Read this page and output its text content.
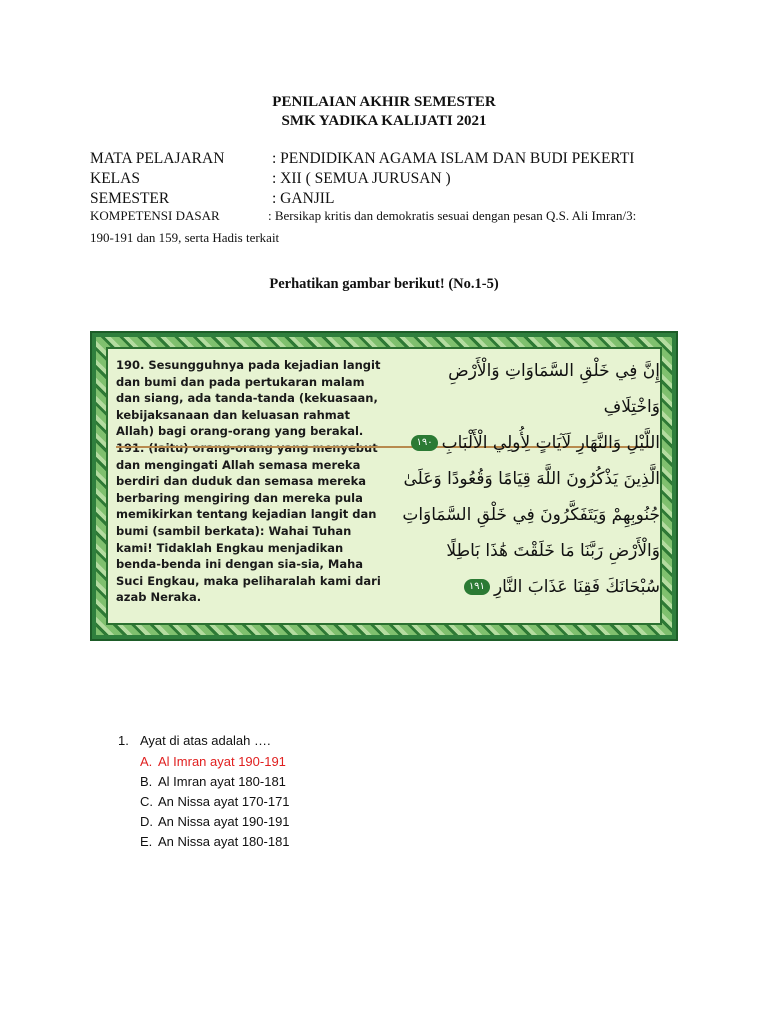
PENILAIAN AKHIR SEMESTER
SMK YADIKA KALIJATI 2021
MATA PELAJARAN	: PENDIDIKAN AGAMA ISLAM DAN BUDI PEKERTI
KELAS	: XII ( SEMUA JURUSAN )
SEMESTER	: GANJIL
KOMPETENSI DASAR	: Bersikap kritis dan demokratis sesuai dengan pesan Q.S. Ali Imran/3:
190-191 dan 159, serta Hadis terkait
Perhatikan gambar berikut! (No.1-5)

190. Sesungguhnya pada kejadian langit dan bumi dan pada pertukaran malam dan siang, ada tanda-tanda (kekuasaan, kebijaksanaan dan keluasan rahmat Allah) bagi orang-orang yang berakal.

dan mengingati Allah semasa mereka berdiri dan duduk dan semasa mereka berbaring mengiring dan mereka pula memikirkan tentang kejadian langit dan bumi (sambil berkata): Wahai Tuhan kami! Tidaklah Engkau menjadikan benda-benda ini dengan sia-sia, Maha Suci Engkau, maka peliharalah kami dari azab Neraka.

إِنَّ فِي خَلْقِ السَّمَاوَاتِ وَالْأَرْضِ وَاخْتِلَافِ
اللَّيْلِ وَالنَّهَارِ لَآيَاتٍ لِأُولِي الْأَلْبَابِ١٩٠
الَّذِينَ يَذْكُرُونَ اللَّهَ قِيَامًا وَقُعُودًا وَعَلَىٰ
جُنُوبِهِمْ وَيَتَفَكَّرُونَ فِي خَلْقِ السَّمَاوَاتِ
وَالْأَرْضِ رَبَّنَا مَا خَلَقْتَ هَٰذَا بَاطِلًا
سُبْحَانَكَ فَقِنَا عَذَابَ النَّارِ١٩١
1. Ayat di atas adalah ….
A. Al Imran ayat 190-191
B. Al Imran ayat 180-181
C. An Nissa ayat 170-171
D. An Nissa ayat 190-191
E. An Nissa ayat 180-181
